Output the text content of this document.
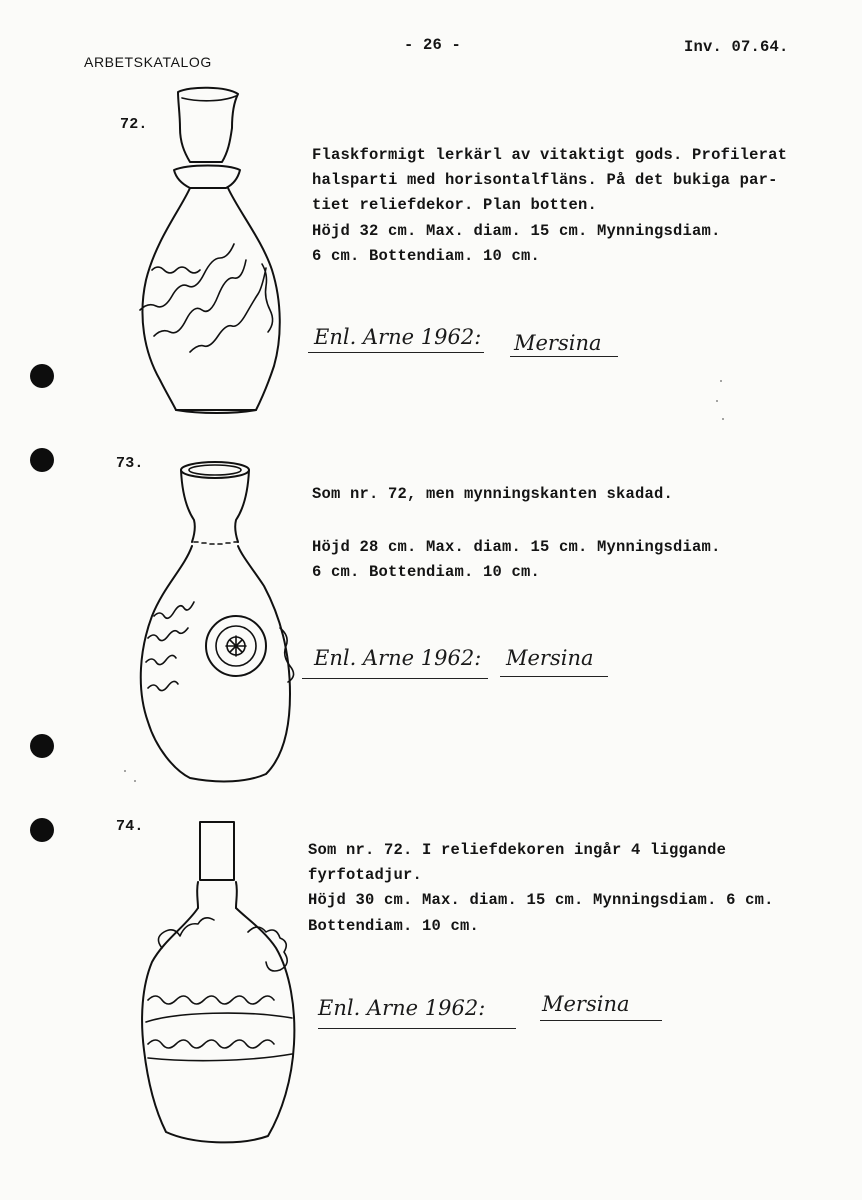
ARBETSKATALOG
- 26 -	Inv. 07.64.
72.
Flaskformigt lerkärl av vitaktigt gods. Profilerat
halsparti med horisontalfläns. På det bukiga par-
tiet reliefdekor. Plan botten.
Höjd 32 cm. Max. diam. 15 cm. Mynningsdiam.
6 cm. Bottendiam. 10 cm.
Enl. Arne 1962: Mersina
73.
Som nr. 72, men mynningskanten skadad.
Höjd 28 cm. Max. diam. 15 cm. Mynningsdiam.
6 cm. Bottendiam. 10 cm.
Enl. Arne 1962: Mersina
74.
Som nr. 72. I reliefdekoren ingår 4 liggande
fyrfotadjur.
Höjd 30 cm. Max. diam. 15 cm. Mynningsdiam. 6 cm.
Bottendiam. 10 cm.
Enl. Arne 1962:	Mersina
